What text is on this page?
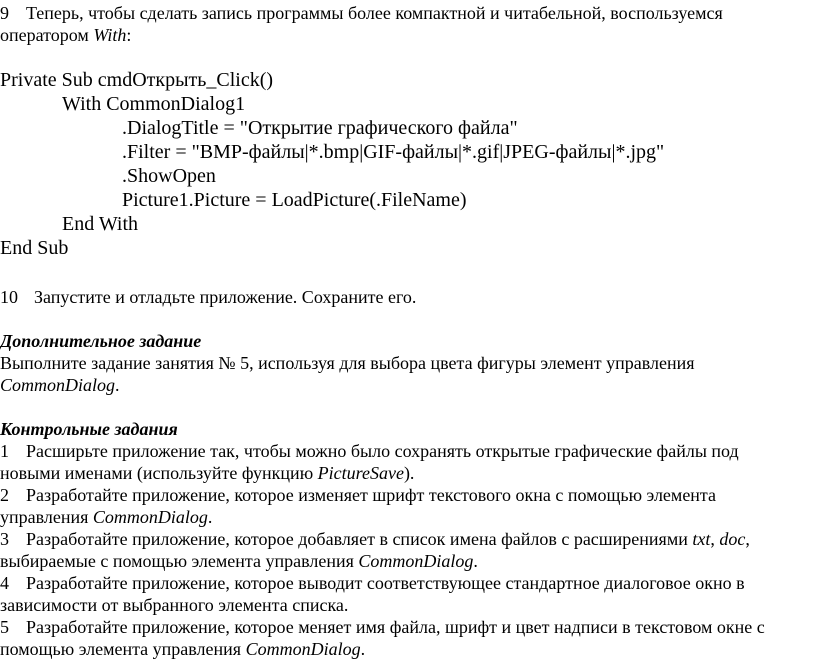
9 Теперь, чтобы сделать запись программы более компактной и читабельной, воспользуемся
оператором With:
Private Sub cmdОткрыть_Click()
With CommonDialog1
.DialogTitle = "Открытие графического файла"
.Filter = "BMP-файлы|*.bmp|GIF-файлы|*.gif|JPEG-файлы|*.jpg"
.ShowOpen
Picture1.Picture = LoadPicture(.FileName)
End With
End Sub
10 Запустите и отладьте приложение. Сохраните его.
Дополнительное задание
Выполните задание занятия № 5, используя для выбора цвета фигуры элемент управления
CommonDialog.
Контрольные задания
1 Расширьте приложение так, чтобы можно было сохранять открытые графические файлы под
новыми именами (используйте функцию PictureSave).
2 Разработайте приложение, которое изменяет шрифт текстового окна с помощью элемента
управления CommonDialog.
3 Разработайте приложение, которое добавляет в список имена файлов с расширениями txt, doc,
выбираемые с помощью элемента управления CommonDialog.
4 Разработайте приложение, которое выводит соответствующее стандартное диалоговое окно в
зависимости от выбранного элемента списка.
5 Разработайте приложение, которое меняет имя файла, шрифт и цвет надписи в текстовом окне с
помощью элемента управления CommonDialog.
